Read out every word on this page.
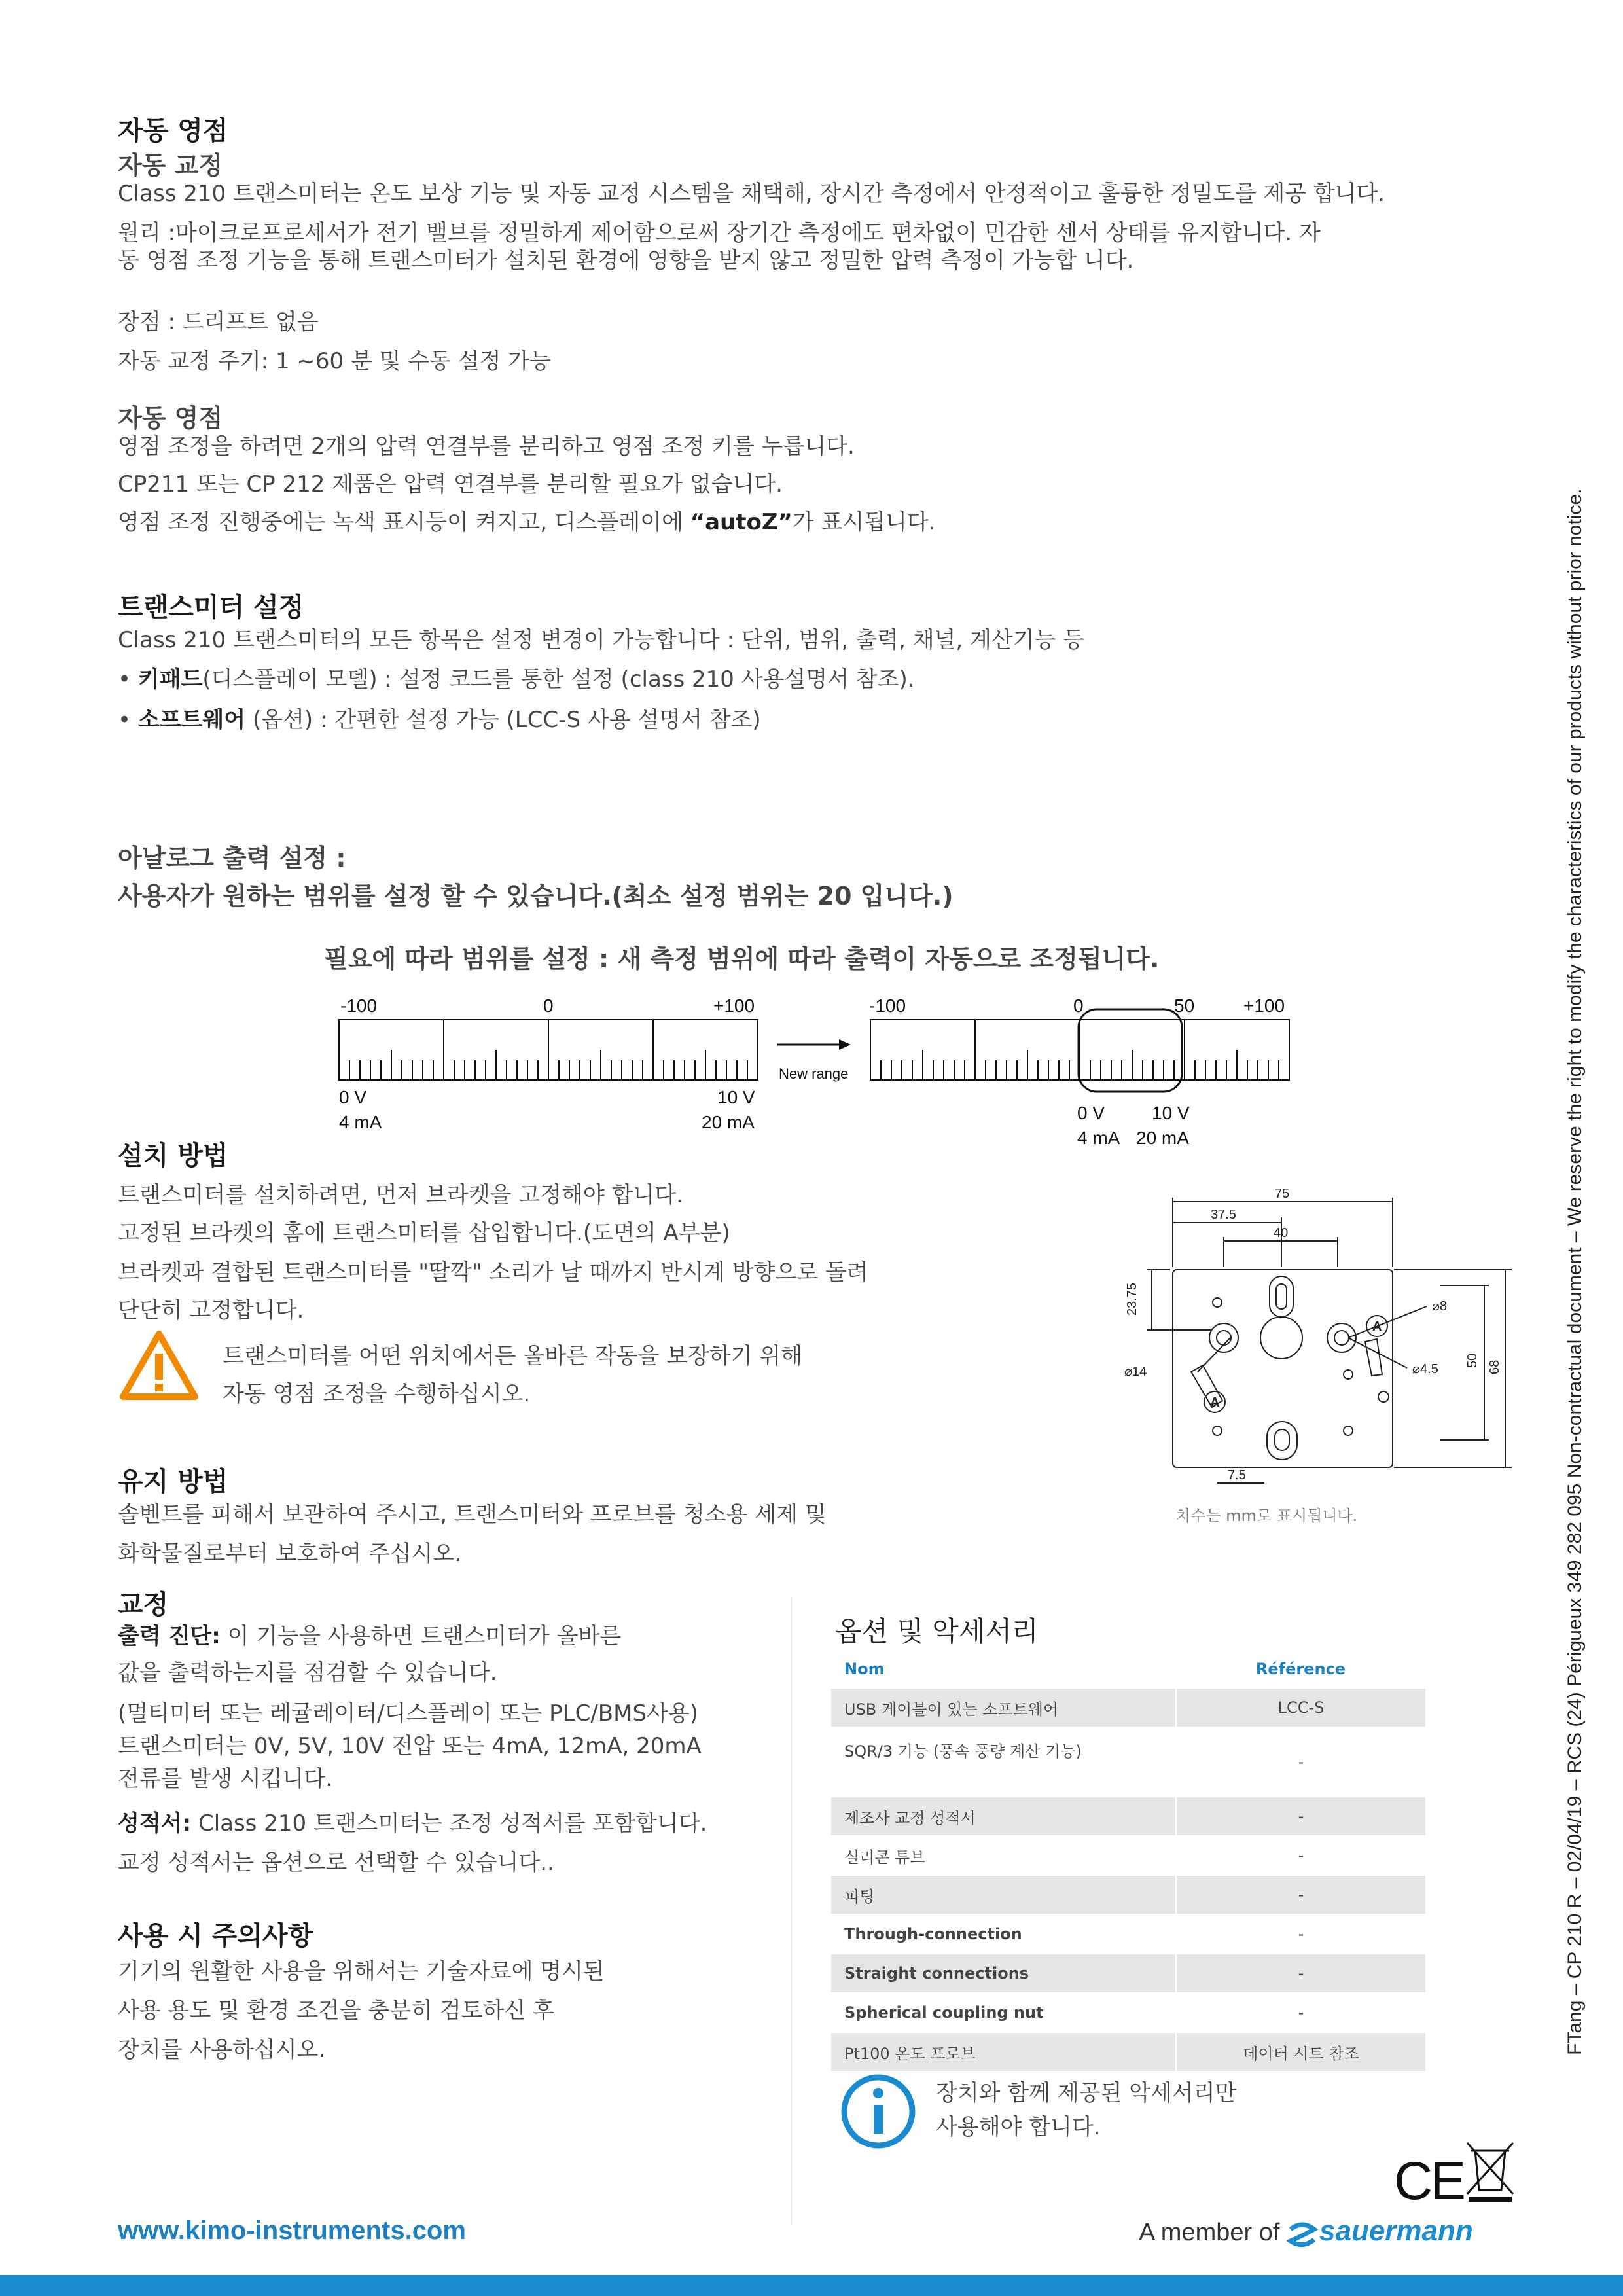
자동 영점
자동 교정
Class 210 트랜스미터는 온도 보상 기능 및 자동 교정 시스템을 채택해, 장시간 측정에서 안정적이고 훌륭한 정밀도를 제공 합니다.
원리 :마이크로프로세서가 전기 밸브를 정밀하게 제어함으로써 장기간 측정에도 편차없이 민감한 센서 상태를 유지합니다. 자
동 영점 조정 기능을 통해 트랜스미터가 설치된 환경에 영향을 받지 않고 정밀한 압력 측정이 가능합 니다.
장점 : 드리프트 없음
자동 교정 주기: 1 ~60 분 및 수동 설정 가능
자동 영점
영점 조정을 하려면 2개의 압력 연결부를 분리하고 영점 조정 키를 누릅니다.
CP211 또는 CP 212 제품은 압력 연결부를 분리할 필요가 없습니다.
영점 조정 진행중에는 녹색 표시등이 켜지고, 디스플레이에 “autoZ”가 표시됩니다.
트랜스미터 설정
Class 210 트랜스미터의 모든 항목은 설정 변경이 가능합니다 : 단위, 범위, 출력, 채널, 계산기능 등
• 키패드(디스플레이 모델) : 설정 코드를 통한 설정 (class 210 사용설명서 참조).
• 소프트웨어 (옵션) : 간편한 설정 가능 (LCC-S 사용 설명서 참조)
아날로그 출력 설정 :
사용자가 원하는 범위를 설정 할 수 있습니다.(최소 설정 범위는 20 입니다.)
필요에 따라 범위를 설정 : 새 측정 범위에 따라 출력이 자동으로 조정됩니다.
-100	0	+100
0 V	10 V
4 mA	20 mA
-100	0	50	+100
0 V	10 V
4 mA 20 mA
New range
설치 방법
트랜스미터를 설치하려면, 먼저 브라켓을 고정해야 합니다.
고정된 브라켓의 홈에 트랜스미터를 삽입합니다.(도면의 A부분)
브라켓과 결합된 트랜스미터를 "딸깍" 소리가 날 때까지 반시계 방향으로 돌려
단단히 고정합니다.
트랜스미터를 어떤 위치에서든 올바른 작동을 보장하기 위해
자동 영점 조정을 수행하십시오.
75
37.5
40
23.75	⌀8
⌀14	⌀4.5
50 68
7.5
A
A
치수는 mm로 표시됩니다.
유지 방법
솔벤트를 피해서 보관하여 주시고, 트랜스미터와 프로브를 청소용 세제 및
화학물질로부터 보호하여 주십시오.
교정
출력 진단: 이 기능을 사용하면 트랜스미터가 올바른
값을 출력하는지를 점검할 수 있습니다.
(멀티미터 또는 레귤레이터/디스플레이 또는 PLC/BMS사용)
트랜스미터는 0V, 5V, 10V 전압 또는 4mA, 12mA, 20mA
전류를 발생 시킵니다.
성적서: Class 210 트랜스미터는 조정 성적서를 포함합니다.
교정 성적서는 옵션으로 선택할 수 있습니다..
사용 시 주의사항
기기의 원활한 사용을 위해서는 기술자료에 명시된
사용 용도 및 환경 조건을 충분히 검토하신 후
장치를 사용하십시오.
옵션 및 악세서리
Nom	Référence
USB 케이블이 있는 소프트웨어	LCC-S
SQR/3 기능 (풍속 풍량 계산 기능)	-
제조사 교정 성적서	-
실리콘 튜브	-
피팅	-
Through-connection	-
Straight connections	-
Spherical coupling nut	-
Pt100 온도 프로브	데이터 시트 참조
장치와 함께 제공된 악세서리만
사용해야 합니다.
CE
www.kimo-instruments.com	A member of sauermann
FTang – CP 210 R – 02/04/19 – RCS (24) Périgueux 349 282 095 Non-contractual document – We reserve the right to modify the characteristics of our products without prior notice.
